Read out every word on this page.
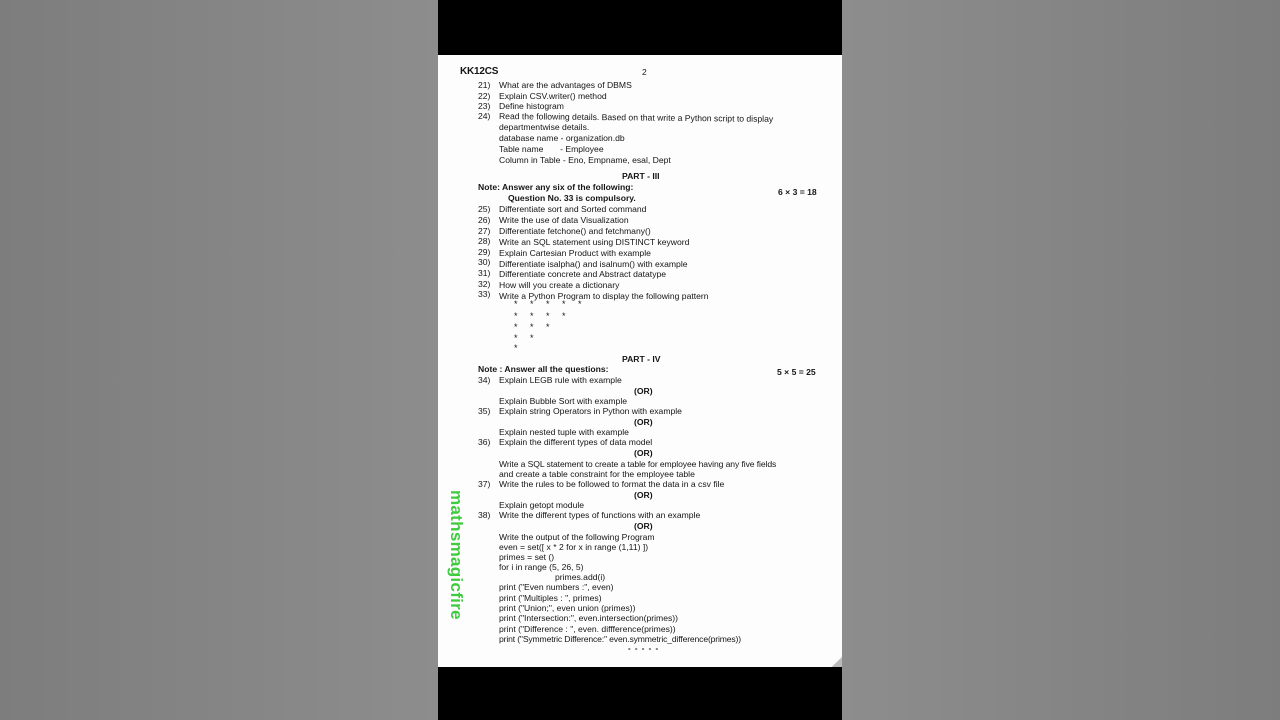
KK12CS	2
mathsmagicfire
21) What are the advantages of DBMS
22) Explain CSV.writer() method
23) Define histogram
24) Read the following details. Based on that write a Python script to display
departmentwise details.
database name - organization.db
Table name       - Employee
Column in Table - Eno, Empname, esal, Dept
PART - III
Note: Answer any six of the following:	6 × 3 = 18
Question No. 33 is compulsory.
25) Differentiate sort and Sorted command
26) Write the use of data Visualization
27) Differentiate fetchone() and fetchmany()
28) Write an SQL statement using DISTINCT keyword
29) Explain Cartesian Product with example
30) Differentiate isalpha() and isalnum() with example
31) Differentiate concrete and Abstract datatype
32) How will you create a dictionary
33) Write a Python Program to display the following pattern
* * * * *
* * * *
* * *
* *
*
PART - IV
Note : Answer all the questions:	5 × 5 = 25
34) Explain LEGB rule with example
(OR)
Explain Bubble Sort with example
35) Explain string Operators in Python with example
(OR)
Explain nested tuple with example
36) Explain the different types of data model
(OR)
Write a SQL statement to create a table for employee having any five fields
and create a table constraint for the employee table
37) Write the rules to be followed to format the data in a csv file
(OR)
Explain getopt module
38) Write the different types of functions with an example
(OR)
Write the output of the following Program
even = set([ x * 2 for x in range (1,11) ])
primes = set ()
for i in range (5, 26, 5)
primes.add(i)
print ("Even numbers :", even)
print ("Multiples : ", primes)
print ("Union;", even union (primes))
print ("Intersection:", even.intersection(primes))
print ("Difference : ", even. diffference(primes))
print ("Symmetric Difference:" even.symmetric_difference(primes))
- - - - -
